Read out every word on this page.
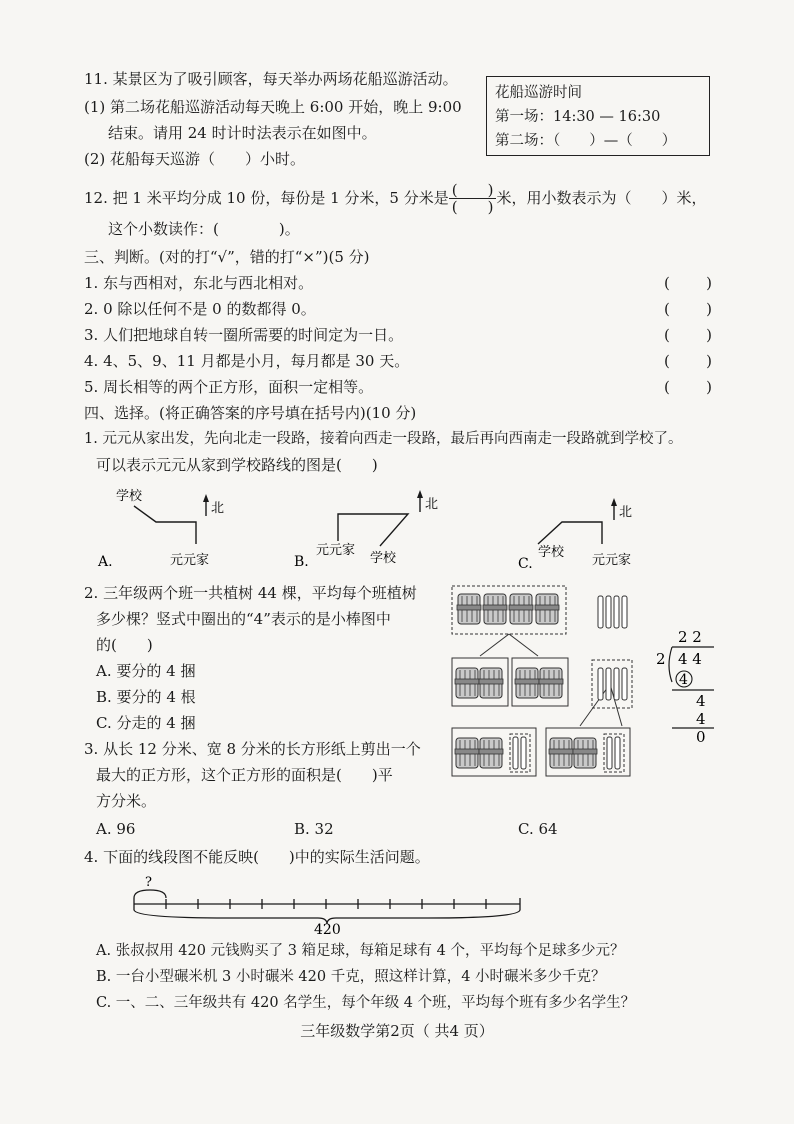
11. 某景区为了吸引顾客，每天举办两场花船巡游活动。
(1) 第二场花船巡游活动每天晚上 6:00 开始，晚上 9:00
结束。请用 24 时计时法表示在如图中。
(2) 花船每天巡游（　　）小时。
花船巡游时间
第一场：14:30 — 16:30
第二场：（　　）—（　　）
12. 把 1 米平均分成 10 份，每份是 1 分米，5 分米是 $\frac{( )}{( )}$ 米，用小数表示为（　　）米，
这个小数读作：(　　　　)。
三、判断。(对的打“√”，错的打“×”)(5 分)
1. 东与西相对，东北与西北相对。
2. 0 除以任何不是 0 的数都得 0。
3. 人们把地球自转一圈所需要的时间定为一日。
4. 4、5、9、11 月都是小月，每月都是 30 天。
5. 周长相等的两个正方形，面积一定相等。
( )
( )
( )
( )
( )
四、选择。(将正确答案的序号填在括号内)(10 分)
1. 元元从家出发，先向北走一段路，接着向西走一段路，最后再向西南走一段路就到学校了。
可以表示元元从家到学校路线的图是(　　)
学校
元元家
北
A.
元元家
学校
北
B.
学校
元元家
北
C.
2. 三年级两个班一共植树 44 棵，平均每个班植树
多少棵？竖式中圈出的“4”表示的是小棒图中
的(　　)
A. 要分的 4 捆
B. 要分的 4 根
C. 分走的 4 捆
2 2
2 4 4
4
4
4
0
3. 从长 12 分米、宽 8 分米的长方形纸上剪出一个
最大的正方形，这个正方形的面积是(　　)平
方分米。
A. 96	B. 32	C. 64
4. 下面的线段图不能反映(　　)中的实际生活问题。
?
420
A. 张叔叔用 420 元钱购买了 3 箱足球，每箱足球有 4 个，平均每个足球多少元？
B. 一台小型碾米机 3 小时碾米 420 千克，照这样计算，4 小时碾米多少千克？
C. 一、二、三年级共有 420 名学生，每个年级 4 个班，平均每个班有多少名学生？
三年级数学第2页（ 共4 页）
